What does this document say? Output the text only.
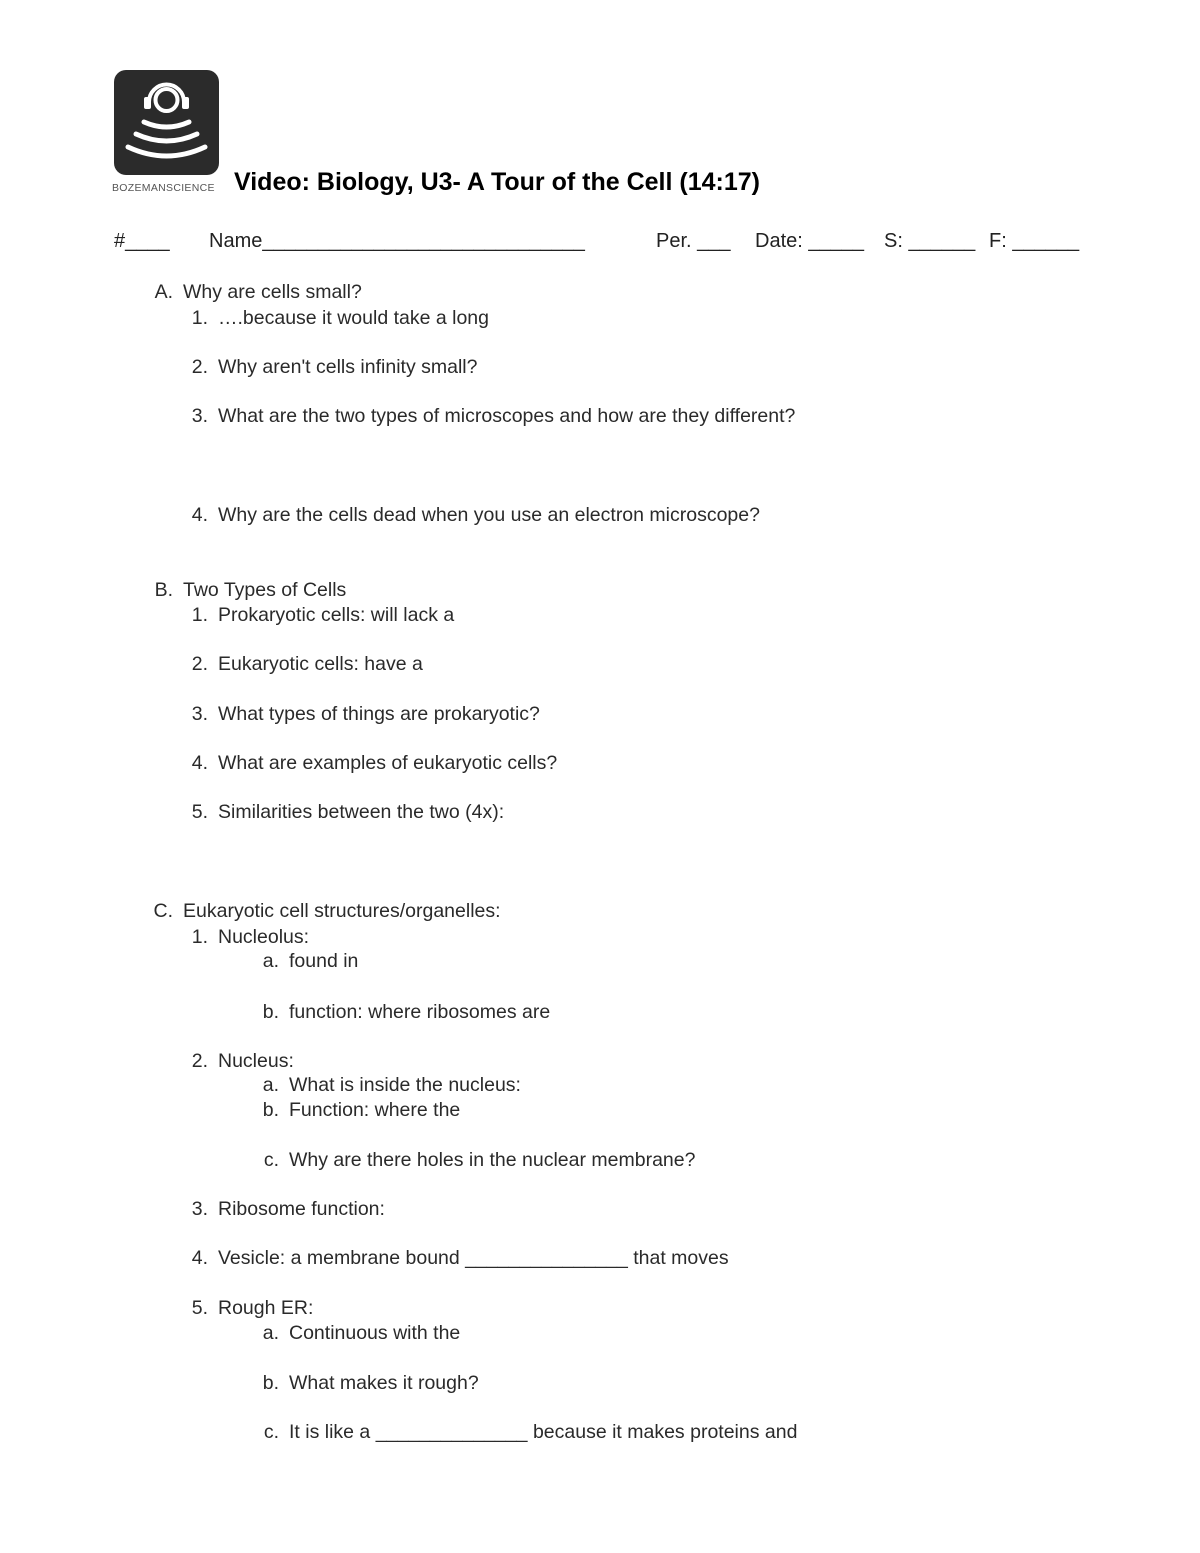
BOZEMANSCIENCE Video: Biology, U3- A Tour of the Cell (14:17)
#____ Name_____________________________	Per. ___ Date: _____ S: ______ F: ______
A. Why are cells small?
1. ….because it would take a long
2. Why aren't cells infinity small?
3. What are the two types of microscopes and how are they different?
4. Why are the cells dead when you use an electron microscope?
B. Two Types of Cells
1. Prokaryotic cells: will lack a
2. Eukaryotic cells: have a
3. What types of things are prokaryotic?
4. What are examples of eukaryotic cells?
5. Similarities between the two (4x):
C. Eukaryotic cell structures/organelles:
1. Nucleolus:
a. found in
b. function: where ribosomes are
2. Nucleus:
a. What is inside the nucleus:
b. Function: where the
c. Why are there holes in the nuclear membrane?
3. Ribosome function:
4. Vesicle: a membrane bound _______________ that moves
5. Rough ER:
a. Continuous with the
b. What makes it rough?
c. It is like a ______________ because it makes proteins and
